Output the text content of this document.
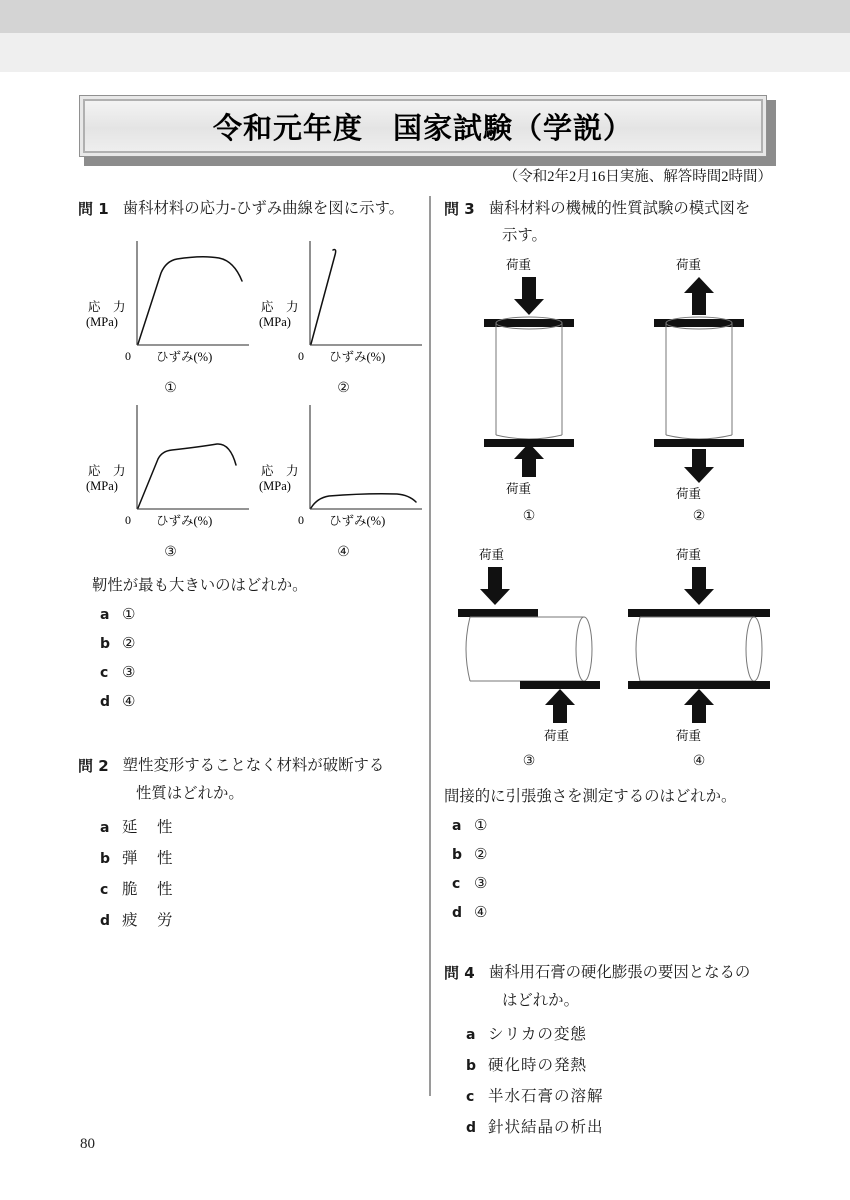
令和元年度　国家試験（学説）
（令和2年2月16日実施、解答時間2時間）
問 1 歯科材料の応力-ひずみ曲線を図に示す。
応　力
(MPa)
0 ひずみ(%)
①
応　力
(MPa)
0 ひずみ(%)
②
応　力
(MPa)
0 ひずみ(%)
③
応　力
(MPa)
0 ひずみ(%)
④
靭性が最も大きいのはどれか。
a ①
b ②
c ③
d ④
問 2 塑性変形することなく材料が破断する
性質はどれか。
a 延　性
b 弾　性
c 脆　性
d 疲　労
問 3 歯科材料の機械的性質試験の模式図を
示す。
荷重
荷重
①
荷重
荷重
②
荷重
荷重
③
荷重
荷重
④
間接的に引張強さを測定するのはどれか。
a ①
b ②
c ③
d ④
問 4 歯科用石膏の硬化膨張の要因となるの
はどれか。
a シリカの変態
b 硬化時の発熱
c 半水石膏の溶解
d 針状結晶の析出
80
